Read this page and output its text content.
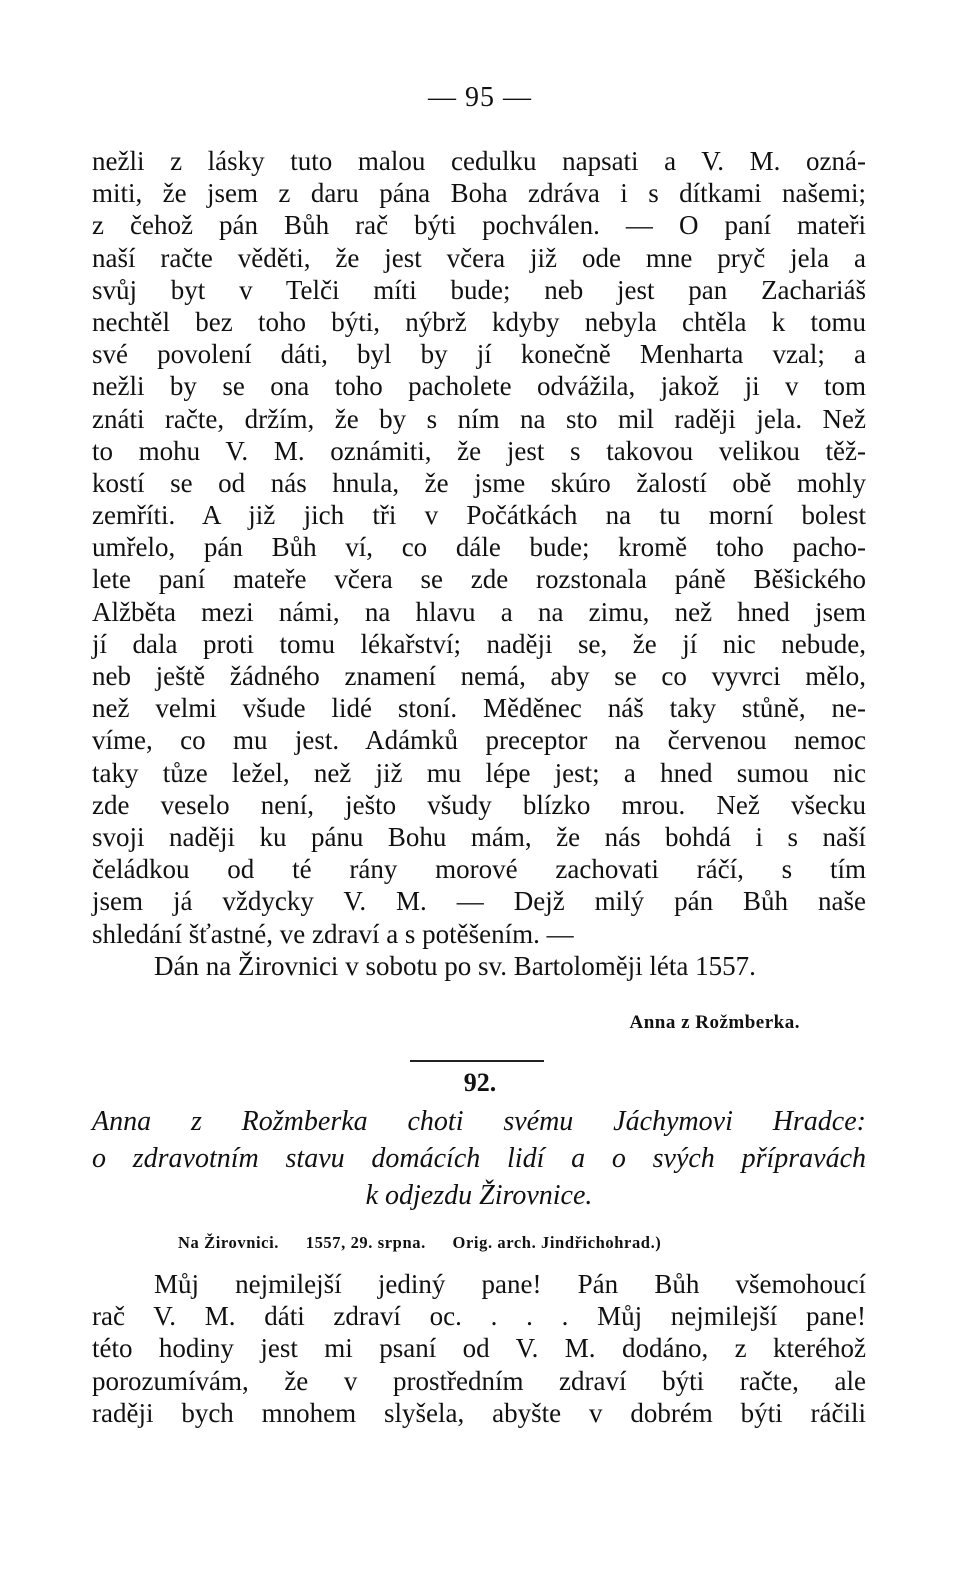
— 95 —
nežli z lásky tuto malou cedulku napsati a V. M. ozná-
miti, že jsem z daru pána Boha zdráva i s dítkami našemi;
z čehož pán Bůh rač býti pochválen. — O paní mateři
naší račte věděti, že jest včera již ode mne pryč jela a
svůj byt v Telči míti bude; neb jest pan Zachariáš
nechtěl bez toho býti, nýbrž kdyby nebyla chtěla k tomu
své povolení dáti, byl by jí konečně Menharta vzal; a
nežli by se ona toho pacholete odvážila, jakož ji v tom
znáti račte, držím, že by s ním na sto mil raději jela. Než
to mohu V. M. oznámiti, že jest s takovou velikou těž-
kostí se od nás hnula, že jsme skúro žalostí obě mohly
zemříti. A již jich tři v Počátkách na tu morní bolest
umřelo, pán Bůh ví, co dále bude; kromě toho pacho-
lete paní mateře včera se zde rozstonala páně Běšického
Alžběta mezi námi, na hlavu a na zimu, než hned jsem
jí dala proti tomu lékařství; naději se, že jí nic nebude,
neb ještě žádného znamení nemá, aby se co vyvrci mělo,
než velmi všude lidé stoní. Měděnec náš taky stůně, ne-
víme, co mu jest. Adámků preceptor na červenou nemoc
taky tůze ležel, než již mu lépe jest; a hned sumou nic
zde veselo není, ješto všudy blízko mrou. Než všecku
svoji naději ku pánu Bohu mám, že nás bohdá i s naší
čeládkou od té rány morové zachovati ráčí, s tím
jsem já vždycky V. M. — Dejž milý pán Bůh naše
shledání šťastné, ve zdraví a s potěšením. —
Dán na Žirovnici v sobotu po sv. Bartoloměji léta 1557.
Anna z Rožmberka.
92.
Anna z Rožmberka choti svému Jáchymovi Hradce:
o zdravotním stavu domácích lidí a o svých přípravách
k odjezdu Žirovnice.
Na Žirovnici. 1557, 29. srpna. Orig. arch. Jindřichohrad.)
Můj nejmilejší jediný pane! Pán Bůh všemohoucí
rač V. M. dáti zdraví oc. . . . Můj nejmilejší pane!
této hodiny jest mi psaní od V. M. dodáno, z kteréhož
porozumívám, že v prostředním zdraví býti račte, ale
raději bych mnohem slyšela, abyšte v dobrém býti ráčili
